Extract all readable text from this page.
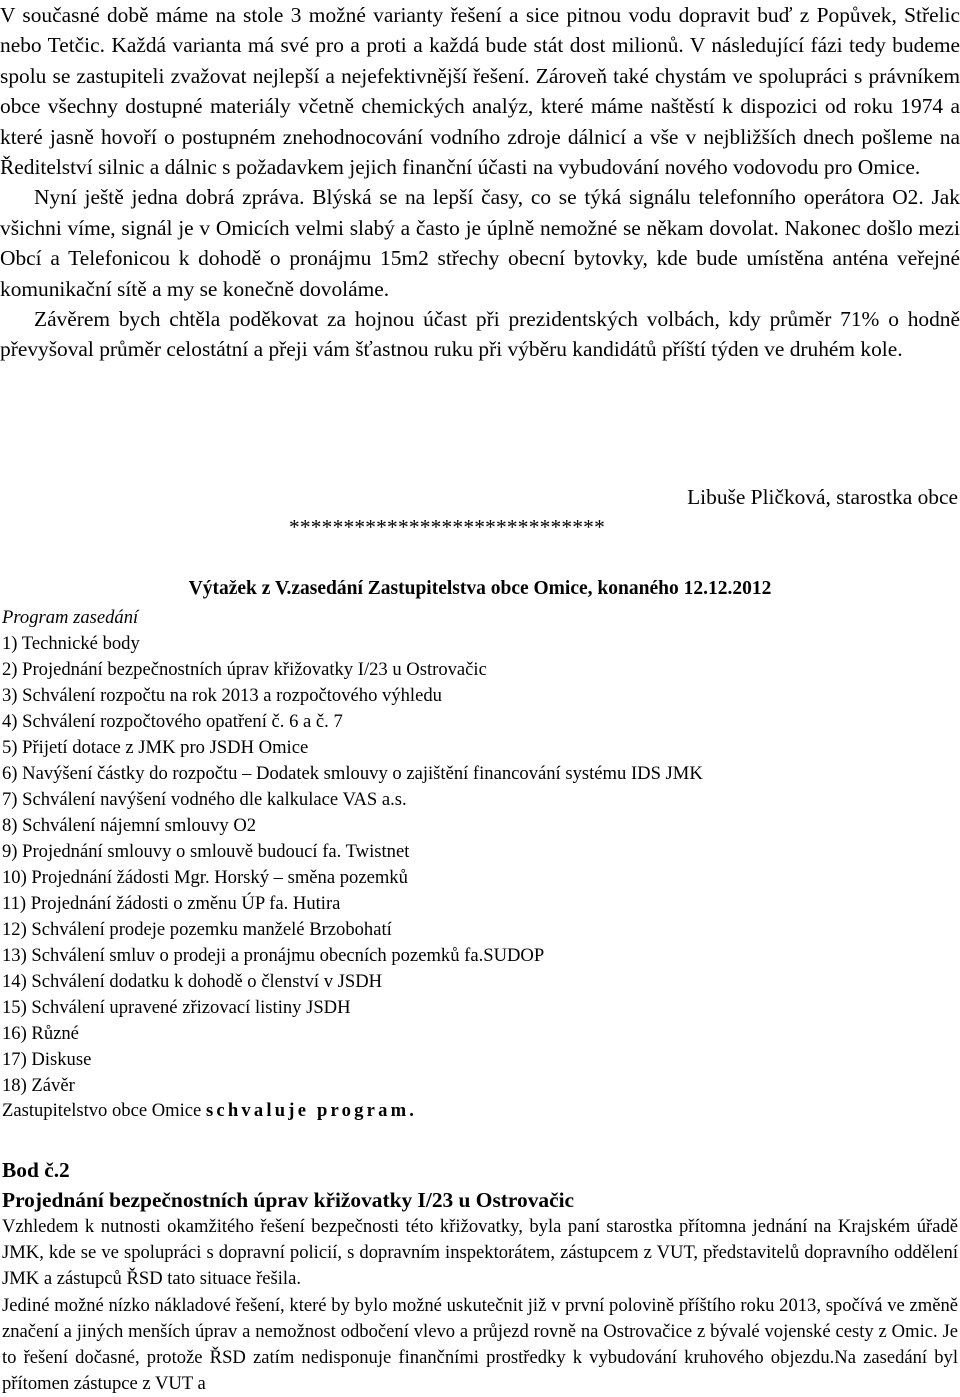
V současné době máme na stole 3 možné varianty řešení a sice pitnou vodu dopravit buď z Popůvek, Střelic nebo Tetčic. Každá varianta má své pro a proti a každá bude stát dost milionů. V následující fázi tedy budeme spolu se zastupiteli zvažovat nejlepší a nejefektivnější řešení. Zároveň také chystám ve spolupráci s právníkem obce všechny dostupné materiály včetně chemických analýz, které máme naštěstí k dispozici od roku 1974 a které jasně hovoří o postupném znehodnocování vodního zdroje dálnicí a vše v nejbližších dnech pošleme na Ředitelství silnic a dálnic s požadavkem jejich finanční účasti na vybudování nového vodovodu pro Omice.

Nyní ještě jedna dobrá zpráva. Blýská se na lepší časy, co se týká signálu telefonního operátora O2. Jak všichni víme, signál je v Omicích velmi slabý a často je úplně nemožné se někam dovolat. Nakonec došlo mezi Obcí a Telefonicou k dohodě o pronájmu 15m2 střechy obecní bytovky, kde bude umístěna anténa veřejné komunikační sítě a my se konečně dovoláme.

Závěrem bych chtěla poděkovat za hojnou účast při prezidentských volbách, kdy průměr 71% o hodně převyšoval průměr celostátní a přeji vám šťastnou ruku při výběru kandidátů příští týden ve druhém kole.

Libuše Pličková, starostka obce
*****************************
Výtažek z V.zasedání Zastupitelstva obce Omice, konaného 12.12.2012
Program zasedání
1) Technické body
2) Projednání bezpečnostních úprav křižovatky I/23 u Ostrovačic
3) Schválení rozpočtu na rok 2013 a rozpočtového výhledu
4) Schválení rozpočtového opatření č. 6 a č. 7
5) Přijetí dotace z JMK pro JSDH Omice
6) Navýšení částky do rozpočtu – Dodatek smlouvy o zajištění financování systému IDS JMK
7) Schválení navýšení vodného dle kalkulace VAS a.s.
8) Schválení nájemní smlouvy O2
9) Projednání smlouvy o smlouvě budoucí fa. Twistnet
10) Projednání žádosti Mgr. Horský – směna pozemků
11) Projednání žádosti o změnu ÚP fa. Hutira
12) Schválení prodeje pozemku manželé Brzobohatí
13) Schválení smluv o prodeji a pronájmu obecních pozemků fa.SUDOP
14) Schválení dodatku k dohodě o členství v JSDH
15) Schválení upravené zřizovací listiny JSDH
16) Různé
17) Diskuse
18) Závěr
Zastupitelstvo obce Omice schvaluje program.
Bod č.2
Projednání bezpečnostních úprav křižovatky I/23 u Ostrovačic

Vzhledem k nutnosti okamžitého řešení bezpečnosti této křižovatky, byla paní starostka přítomna jednání na Krajském úřadě JMK, kde se ve spolupráci s dopravní policií, s dopravním inspektorátem, zástupcem z VUT, představitelů dopravního oddělení JMK a zástupců ŘSD tato situace řešila.

Jediné možné nízko nákladové řešení, které by bylo možné uskutečnit již v první polovině příštího roku 2013, spočívá ve změně značení a jiných menších úprav a nemožnost odbočení vlevo a průjezd rovně na Ostrovačice z bývalé vojenské cesty z Omic. Je to řešení dočasné, protože ŘSD zatím nedisponuje finančními prostředky k vybudování kruhového objezdu.Na zasedání byl přítomen zástupce z VUT a
